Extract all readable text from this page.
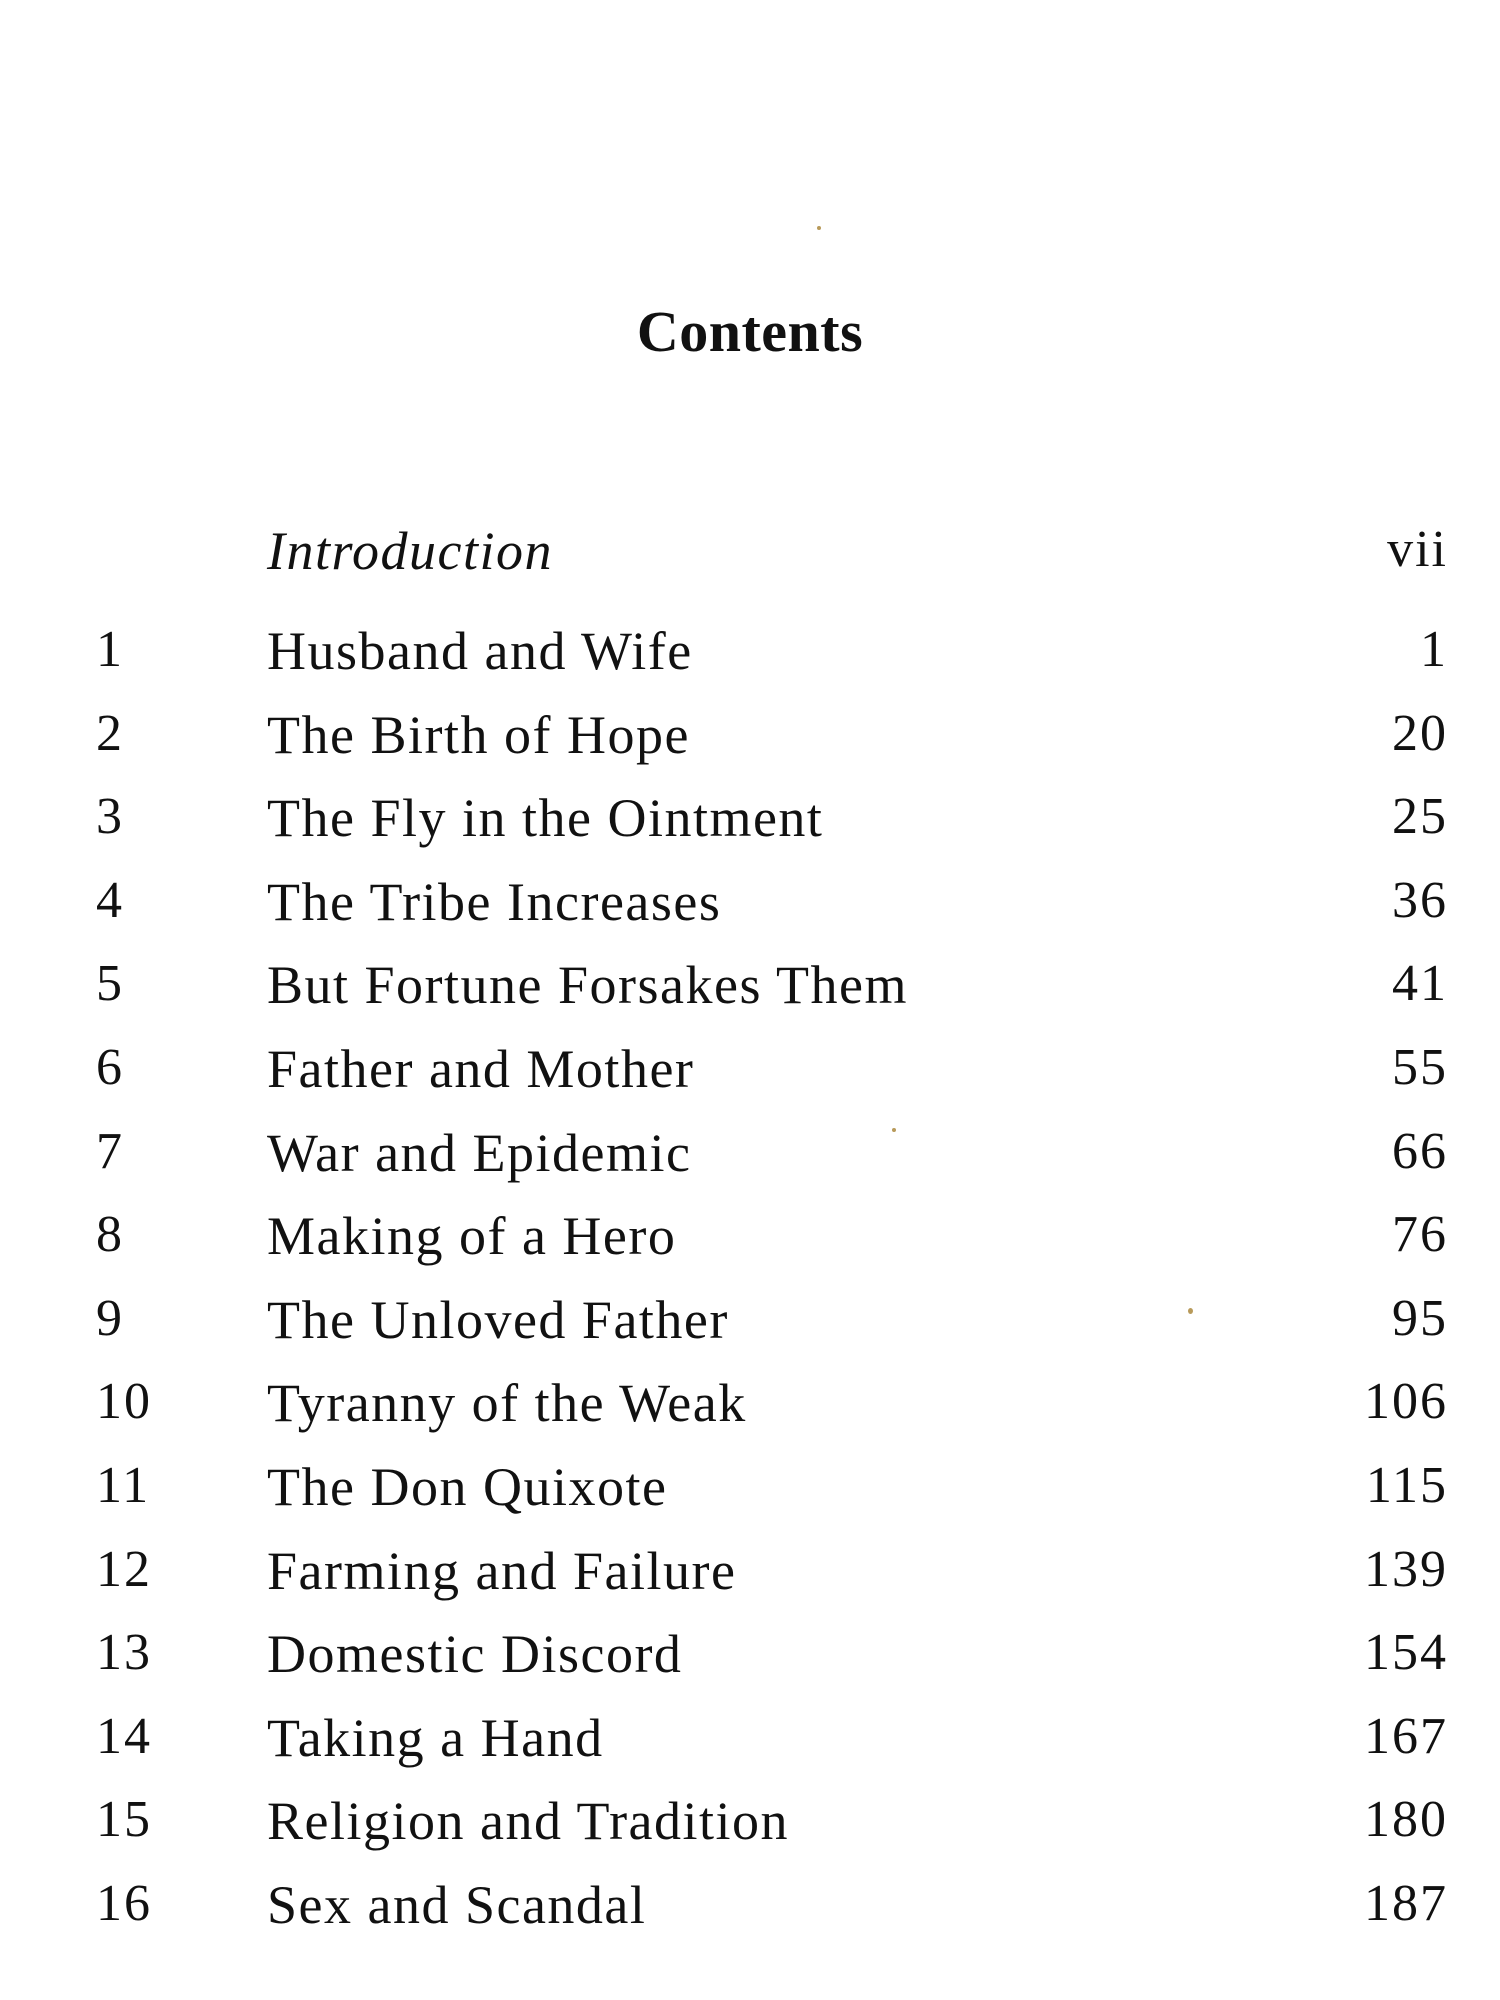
Contents
Introduction	vii
1	Husband and Wife	1
2	The Birth of Hope	20
3	The Fly in the Ointment	25
4	The Tribe Increases	36
5	But Fortune Forsakes Them	41
6	Father and Mother	55
7	War and Epidemic	66
8	Making of a Hero	76
9	The Unloved Father	95
10	Tyranny of the Weak	106
11	The Don Quixote	115
12	Farming and Failure	139
13	Domestic Discord	154
14	Taking a Hand	167
15	Religion and Tradition	180
16	Sex and Scandal	187
